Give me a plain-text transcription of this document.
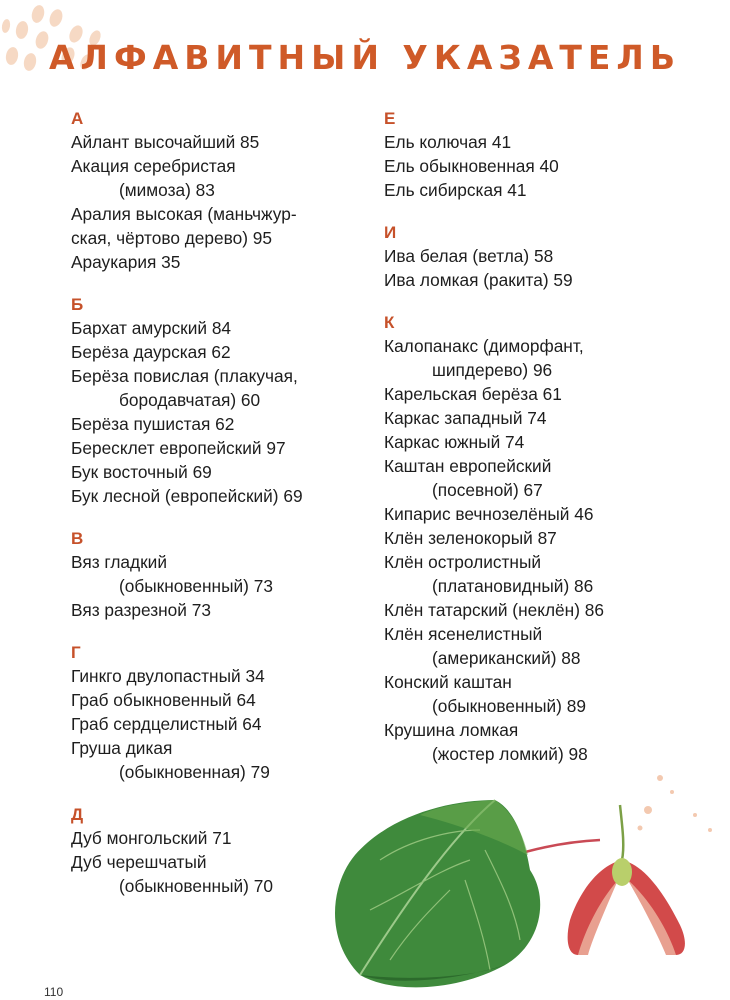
АЛФАВИТНЫЙ УКАЗАТЕЛЬ
А
Айлант высочайший 85
Акация серебристая
(мимоза) 83
Аралия высокая (маньчжур-
ская, чёртово дерево) 95
Араукария 35
Б
Бархат амурский 84
Берёза даурская 62
Берёза повислая (плакучая,
бородавчатая) 60
Берёза пушистая 62
Бересклет европейский 97
Бук восточный 69
Бук лесной (европейский) 69
В
Вяз гладкий
(обыкновенный) 73
Вяз разрезной 73
Г
Гинкго двулопастный 34
Граб обыкновенный 64
Граб сердцелистный 64
Груша дикая
(обыкновенная) 79
Д
Дуб монгольский 71
Дуб черешчатый
(обыкновенный) 70
Е
Ель колючая 41
Ель обыкновенная 40
Ель сибирская 41
И
Ива белая (ветла) 58
Ива ломкая (ракита) 59
К
Калопанакс (диморфант,
шипдерево) 96
Карельская берёза 61
Каркас западный 74
Каркас южный 74
Каштан европейский
(посевной) 67
Кипарис вечнозелёный 46
Клён зеленокорый 87
Клён остролистный
(платановидный) 86
Клён татарский (неклён) 86
Клён ясенелистный
(американский) 88
Конский каштан
(обыкновенный) 89
Крушина ломкая
(жостер ломкий) 98
110
